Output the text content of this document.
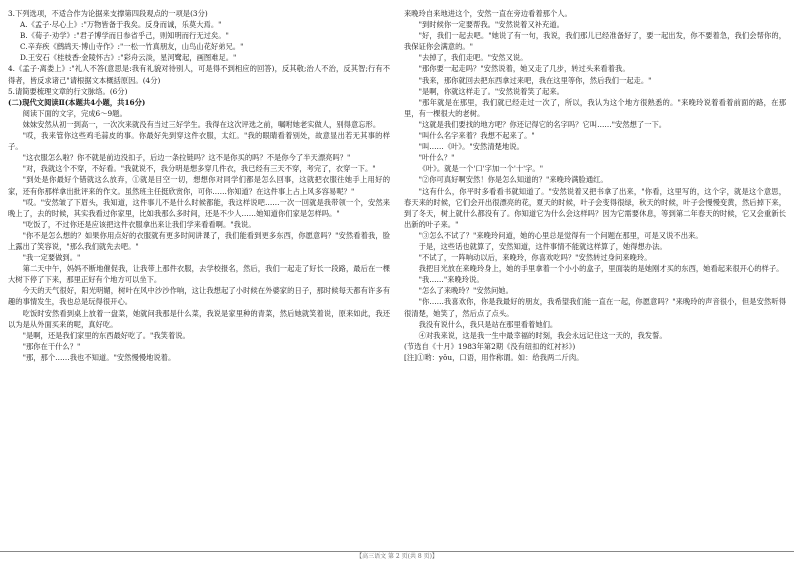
3.下列选项，不适合作为论据来支撑第四段观点的一项是(3分)

A.《孟子·尽心上》:"万物皆备于我矣。反身而诚，乐莫大焉。"

B.《荀子·劝学》:"君子博学而日参省乎己，则知明而行无过矣。"

C.辛弃疾《鹧鸪天·博山寺作》:"一松一竹真朋友，山鸟山花好弟兄。"

D.王安石《桂枝香·金陵怀古》:"彩舟云淡，星河鹭起，画图难足。"

4.《孟子·离娄上》:"礼人不答(意思是:我有礼貌对待别人，可是得不到相应的回答)，反其敬;治人不治，反其智;行有不得者，皆反求诸己"请根据文本概括原因。(4分)

5.请简要梳理文章的行文脉络。(6分)

(二)现代文阅读Ⅱ(本题共4小题，共16分)

阅读下面的文字，完成6～9题。

妹妹安然从初一到高一，一次次来就没有当过三好学生。我得在这次评选之前，嘱咐她老实做人，别得意忘形。

"哎，我来管你这些鸡毛蒜皮的事。你最好先到穿这件衣服，太红。"我的眼睛看着别处，故意显出若无其事的样子。

"这衣服怎么啦？你不就是前边没扣子，后边一条拉链吗？这不是你买的吗？不是你今了半天漂亮吗？"

"对，我就这个不穿，不好看。"我就说不，我分明是想多穿几件衣，我已经有三天不穿，考完了，衣穿一下。"

"到处是你最好个错就这么放弃，①就是目空一切，想想你对同学们都是怎么回事，这就把衣服往她手上用好的家，还有你那样拿出批评来的作文。虽然班主任挺欣赏你，可你……你知道？在这件事上占上风多容易呢？"

"哎。"安然皱了下眉头，我知道，这件事儿不是什么时候都能，我这样说吧……一次一回就是我带领一个，安然来晚上了，去的时候，其实我看过你家里，比如我那么多时间，还是不少人……她知道你们家是怎样吗。"

"吃饭了，不过你还是应该把这件衣服拿出来让我们学来看看啊。"我说。

"你不是怎么想的？如果你用点好的衣服就有更多时间讲课了，我们能看到更多东西，你愿意吗？"安然看着我，脸上露出了笑容说，"那么我们就先去吧。"

"我一定要做到。"

第二天中午，妈妈不断地催促我，让我带上那件衣服，去学校报名，然后，我们一起走了好长一段路，最后在一棵大树下停了下来，那里正好有个地方可以坐下。

今天的天气很好，阳光明媚，树叶在风中沙沙作响，这让我想起了小时候在外婆家的日子，那时候每天都有许多有趣的事情发生，我也总是玩得很开心。

吃饭时安然看到桌上放着一盘菜，她就问我那是什么菜，我说是家里种的青菜，然后她就笑着说，原来如此，我还以为是从外面买来的呢，真好吃。

"是啊，还是我们家里的东西最好吃了。"我笑着说。

"那你在干什么？"

"那，那个……我也不知道。"安然慢慢地说着。

来晚玲自来地进这个，安然一直在旁边看着那个人。

"到时候你一定要帮我。"安然说着又补充道。

"好，我们一起去吧。"她说了有一句，我说，我们那儿已经准备好了，要一起出发，你不要着急，我们会帮你的，我保证你会满意的。"

"去掉了，我们走吧。"安然又说。

"那你要一起走吗？"安然说着，她又走了几步，转过头来看着我。

"我来，那你就回去把东西拿过来吧，我在这里等你，然后我们一起走。"

"是啊，你就这样走了。"安然说着笑了起来。

"那年就是在那里，我们就已经走过一次了，所以，我认为这个地方很熟悉的。"来晚玲说着看着前面的路，在那里，有一棵很大的老树。

"这就是我们要找的地方吧？你还记得它的名字吗？它叫……"安然想了一下。

"叫什么名字来着？我想不起来了。"

"叫……《叶》。"安然清楚地说。

"叶什么？"

《叶》。就是一个'口'字加一个'十'字。"

"②你可真好啊安然！你是怎么知道的？"来晚玲满脸通红。

"这有什么，你平时多看看书就知道了。"安然说着又把书拿了出来，"你看，这里写的，这个字，就是这个意思，春天来的时候，它们会开出很漂亮的花，夏天的时候，叶子会变得很绿，秋天的时候，叶子会慢慢变黄，然后掉下来，到了冬天，树上就什么都没有了。你知道它为什么会这样吗？因为它需要休息，等到第二年春天的时候，它又会重新长出新的叶子来。"

"③怎么不试了？"来晚玲问道，她的心里总是觉得有一个问题在那里，可是又说不出来。

于是，这些话也就算了，安然知道，这件事情不能就这样算了，她得想办法。

"不试了，一阵响动以后，来晚玲，你喜欢吃吗？"安然转过身问来晚玲。

我把目光放在来晚玲身上，她的手里拿着一个小小的盒子，里面装的是她刚才买的东西，她看起来很开心的样子。

"我……"来晚玲说。

"怎么了来晚玲？"安然问她。

"你……我喜欢你，你是我最好的朋友，我希望我们能一直在一起，你愿意吗？"来晚玲的声音很小，但是安然听得很清楚，她笑了，然后点了点头。

我没有说什么，我只是站在那里看着她们。

④对我来说，这是我一生中最幸福的时刻，我会永远记住这一天的，我发誓。

(节选自《十月》1983年第2期《没有纽扣的红衬衫》)

[注]①哟：yǒu，口语，用作称谓。如：给我两二斤肉。

【高三语文 第 2 页(共 8 页)】
